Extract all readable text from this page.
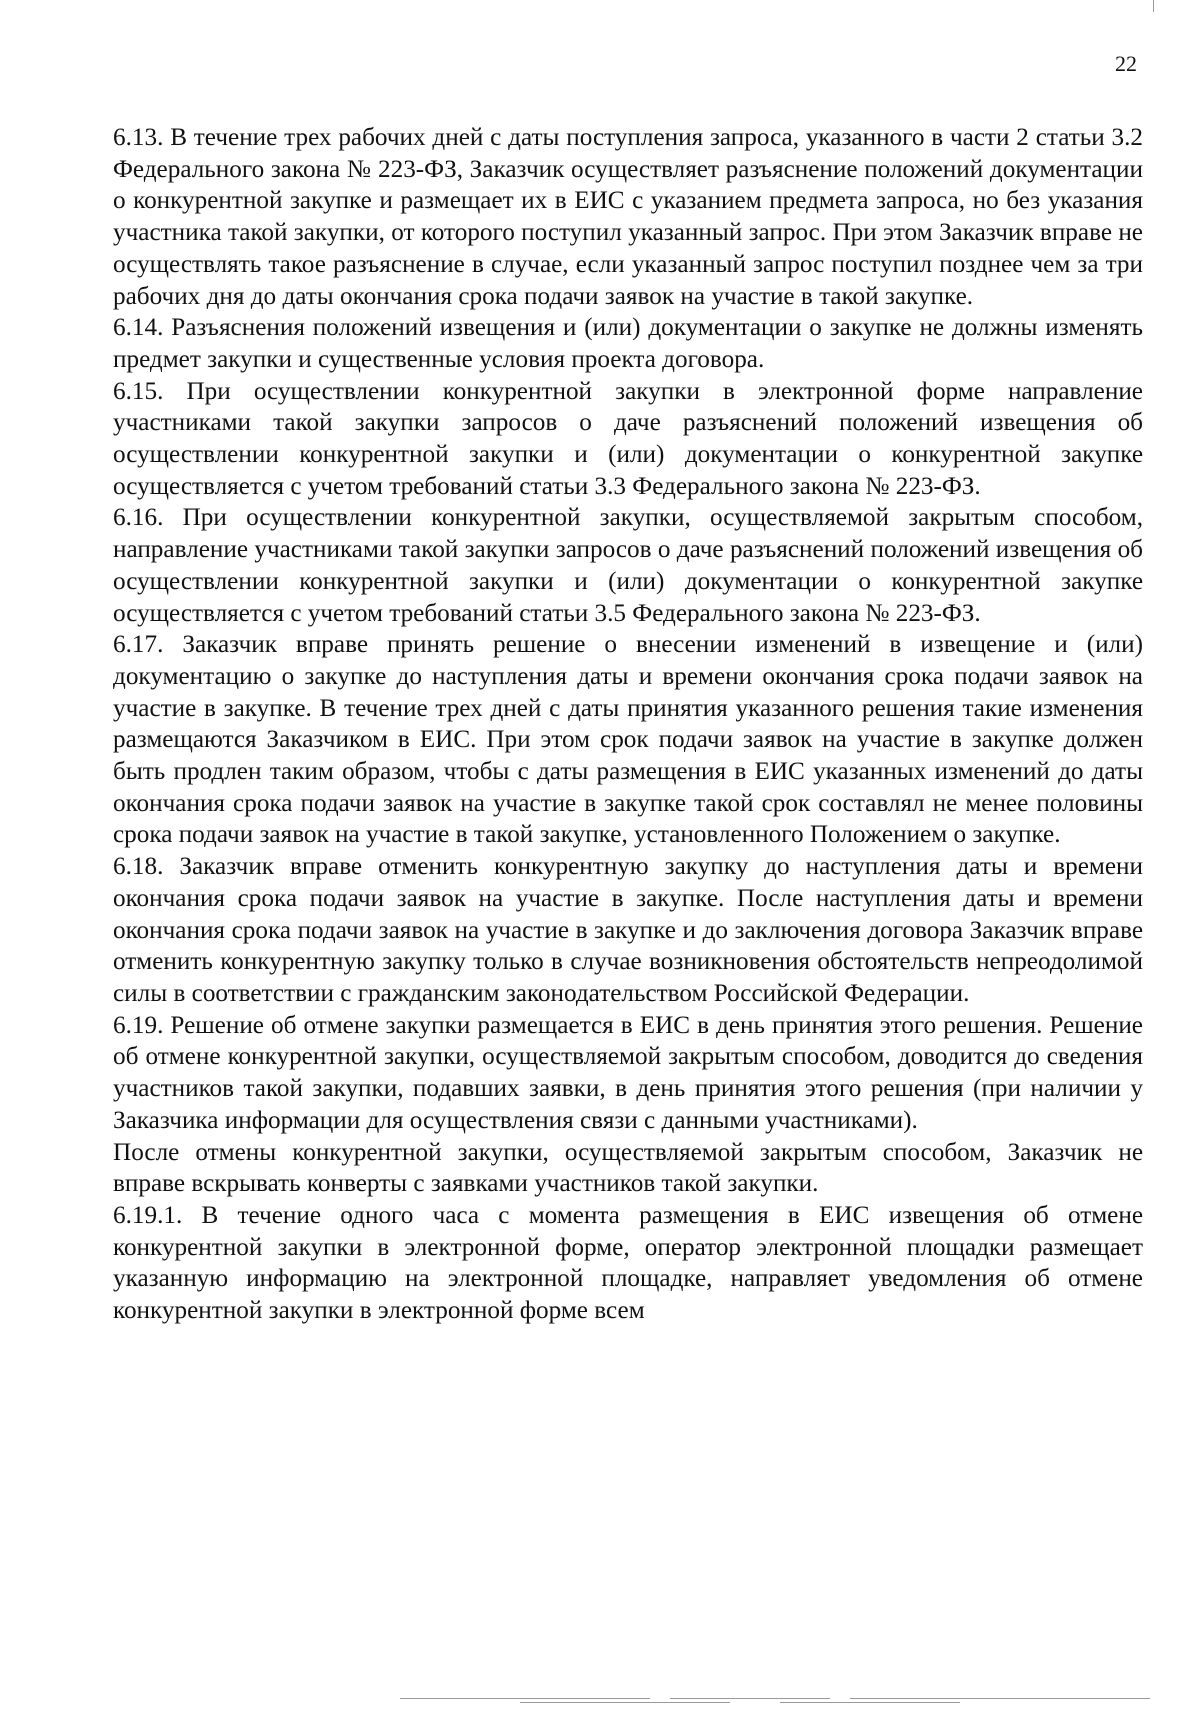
22

6.13. В течение трех рабочих дней с даты поступления запроса, указанного в части 2 статьи 3.2 Федерального закона № 223-ФЗ, Заказчик осуществляет разъяснение положений документации о конкурентной закупке и размещает их в ЕИС с указанием предмета запроса, но без указания участника такой закупки, от которого поступил указанный запрос. При этом Заказчик вправе не осуществлять такое разъяснение в случае, если указанный запрос поступил позднее чем за три рабочих дня до даты окончания срока подачи заявок на участие в такой закупке.

6.14. Разъяснения положений извещения и (или) документации о закупке не должны изменять предмет закупки и существенные условия проекта договора.

6.15. При осуществлении конкурентной закупки в электронной форме направление участниками такой закупки запросов о даче разъяснений положений извещения об осуществлении конкурентной закупки и (или) документации о конкурентной закупке осуществляется с учетом требований статьи 3.3 Федерального закона № 223-ФЗ.

6.16. При осуществлении конкурентной закупки, осуществляемой закрытым способом, направление участниками такой закупки запросов о даче разъяснений положений извещения об осуществлении конкурентной закупки и (или) документации о конкурентной закупке осуществляется с учетом требований статьи 3.5 Федерального закона № 223-ФЗ.

6.17. Заказчик вправе принять решение о внесении изменений в извещение и (или) документацию о закупке до наступления даты и времени окончания срока подачи заявок на участие в закупке. В течение трех дней с даты принятия указанного решения такие изменения размещаются Заказчиком в ЕИС. При этом срок подачи заявок на участие в закупке должен быть продлен таким образом, чтобы с даты размещения в ЕИС указанных изменений до даты окончания срока подачи заявок на участие в закупке такой срок составлял не менее половины срока подачи заявок на участие в такой закупке, установленного Положением о закупке.

6.18. Заказчик вправе отменить конкурентную закупку до наступления даты и времени окончания срока подачи заявок на участие в закупке. После наступления даты и времени окончания срока подачи заявок на участие в закупке и до заключения договора Заказчик вправе отменить конкурентную закупку только в случае возникновения обстоятельств непреодолимой силы в соответствии с гражданским законодательством Российской Федерации.

6.19. Решение об отмене закупки размещается в ЕИС в день принятия этого решения. Решение об отмене конкурентной закупки, осуществляемой закрытым способом, доводится до сведения участников такой закупки, подавших заявки, в день принятия этого решения (при наличии у Заказчика информации для осуществления связи с данными участниками).

После отмены конкурентной закупки, осуществляемой закрытым способом, Заказчик не вправе вскрывать конверты с заявками участников такой закупки.

6.19.1. В течение одного часа с момента размещения в ЕИС извещения об отмене конкурентной закупки в электронной форме, оператор электронной площадки размещает указанную информацию на электронной площадке, направляет уведомления об отмене конкурентной закупки в электронной форме всем
